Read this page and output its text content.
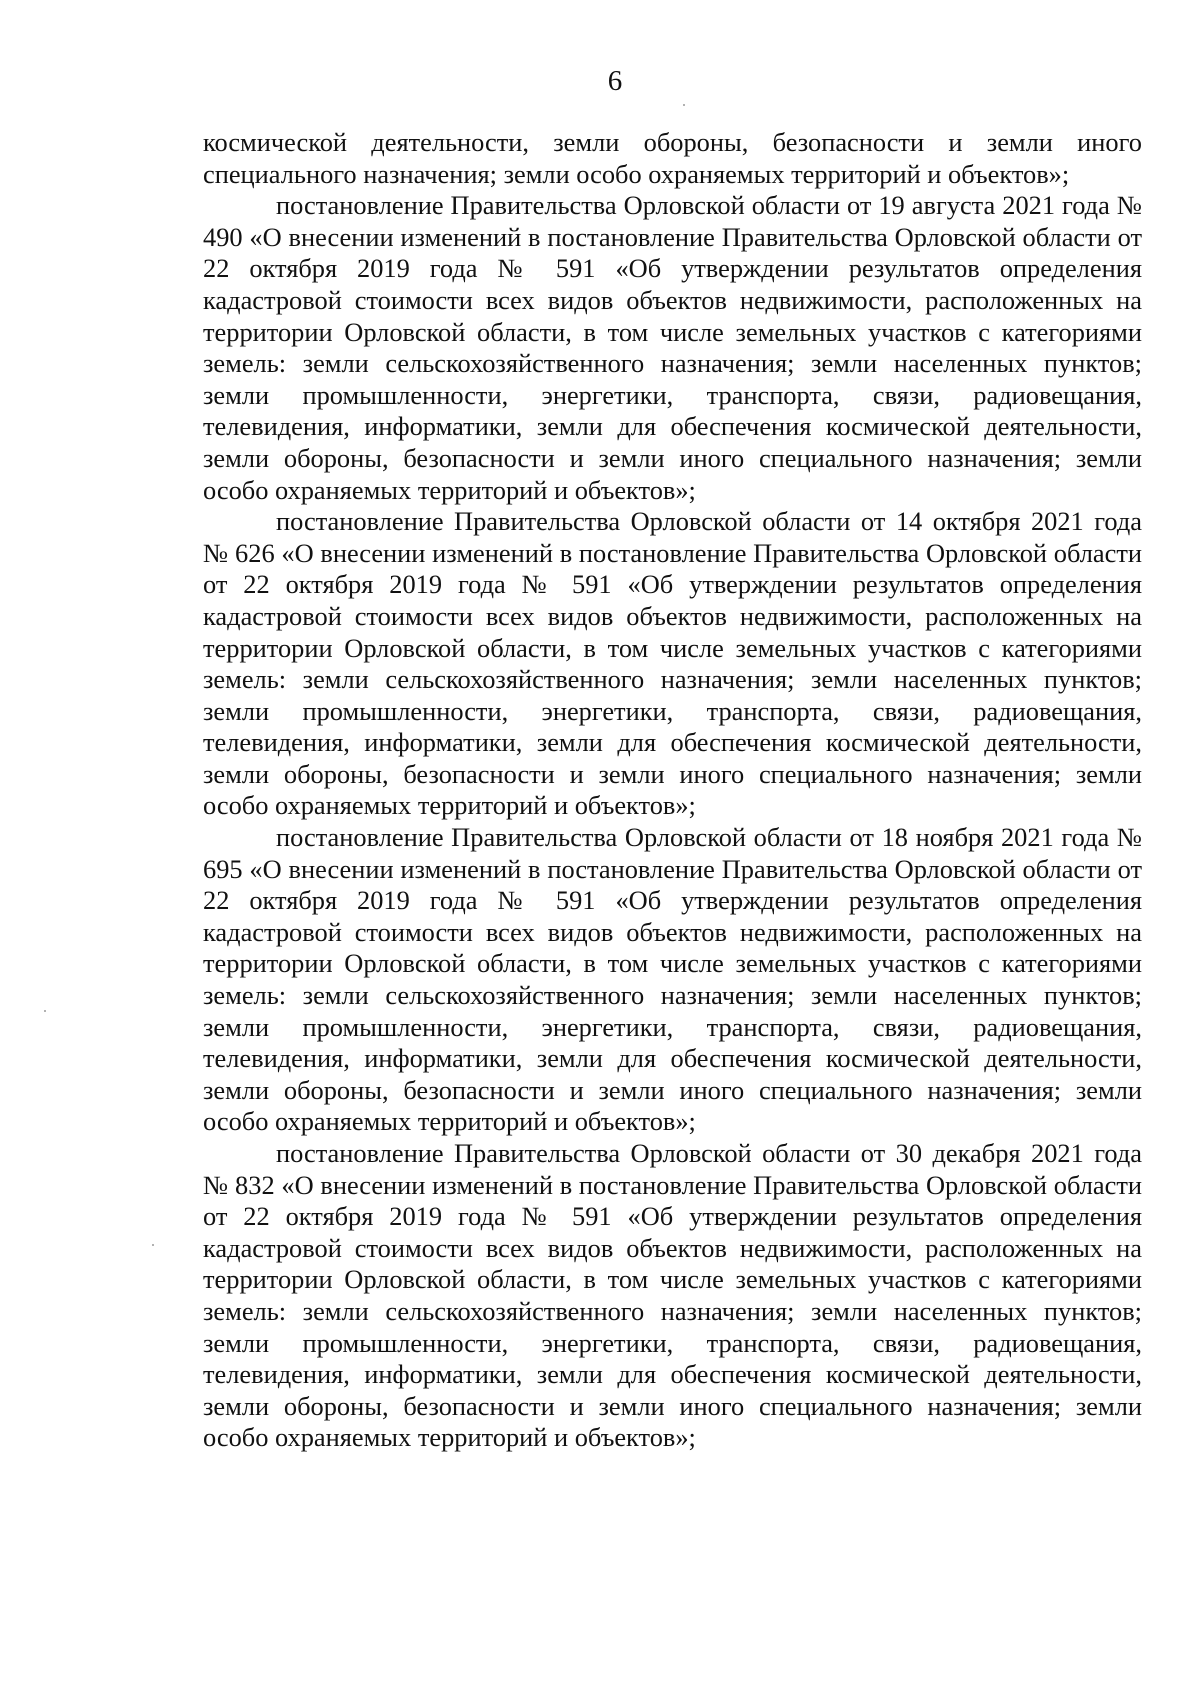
6

космической деятельности, земли обороны, безопасности и земли иного специального назначения; земли особо охраняемых территорий и объектов»;

постановление Правительства Орловской области от 19 августа 2021 года № 490 «О внесении изменений в постановление Правительства Орловской области от 22 октября 2019 года № 591 «Об утверждении результатов определения кадастровой стоимости всех видов объектов недвижимости, расположенных на территории Орловской области, в том числе земельных участков с категориями земель: земли сельскохозяйственного назначения; земли населенных пунктов; земли промышленности, энергетики, транспорта, связи, радиовещания, телевидения, информатики, земли для обеспечения космической деятельности, земли обороны, безопасности и земли иного специального назначения; земли особо охраняемых территорий и объектов»;

постановление Правительства Орловской области от 14 октября 2021 года № 626 «О внесении изменений в постановление Правительства Орловской области от 22 октября 2019 года № 591 «Об утверждении результатов определения кадастровой стоимости всех видов объектов недвижимости, расположенных на территории Орловской области, в том числе земельных участков с категориями земель: земли сельскохозяйственного назначения; земли населенных пунктов; земли промышленности, энергетики, транспорта, связи, радиовещания, телевидения, информатики, земли для обеспечения космической деятельности, земли обороны, безопасности и земли иного специального назначения; земли особо охраняемых территорий и объектов»;

постановление Правительства Орловской области от 18 ноября 2021 года № 695 «О внесении изменений в постановление Правительства Орловской области от 22 октября 2019 года № 591 «Об утверждении результатов определения кадастровой стоимости всех видов объектов недвижимости, расположенных на территории Орловской области, в том числе земельных участков с категориями земель: земли сельскохозяйственного назначения; земли населенных пунктов; земли промышленности, энергетики, транспорта, связи, радиовещания, телевидения, информатики, земли для обеспечения космической деятельности, земли обороны, безопасности и земли иного специального назначения; земли особо охраняемых территорий и объектов»;

постановление Правительства Орловской области от 30 декабря 2021 года № 832 «О внесении изменений в постановление Правительства Орловской области от 22 октября 2019 года № 591 «Об утверждении результатов определения кадастровой стоимости всех видов объектов недвижимости, расположенных на территории Орловской области, в том числе земельных участков с категориями земель: земли сельскохозяйственного назначения; земли населенных пунктов; земли промышленности, энергетики, транспорта, связи, радиовещания, телевидения, информатики, земли для обеспечения космической деятельности, земли обороны, безопасности и земли иного специального назначения; земли особо охраняемых территорий и объектов»;
